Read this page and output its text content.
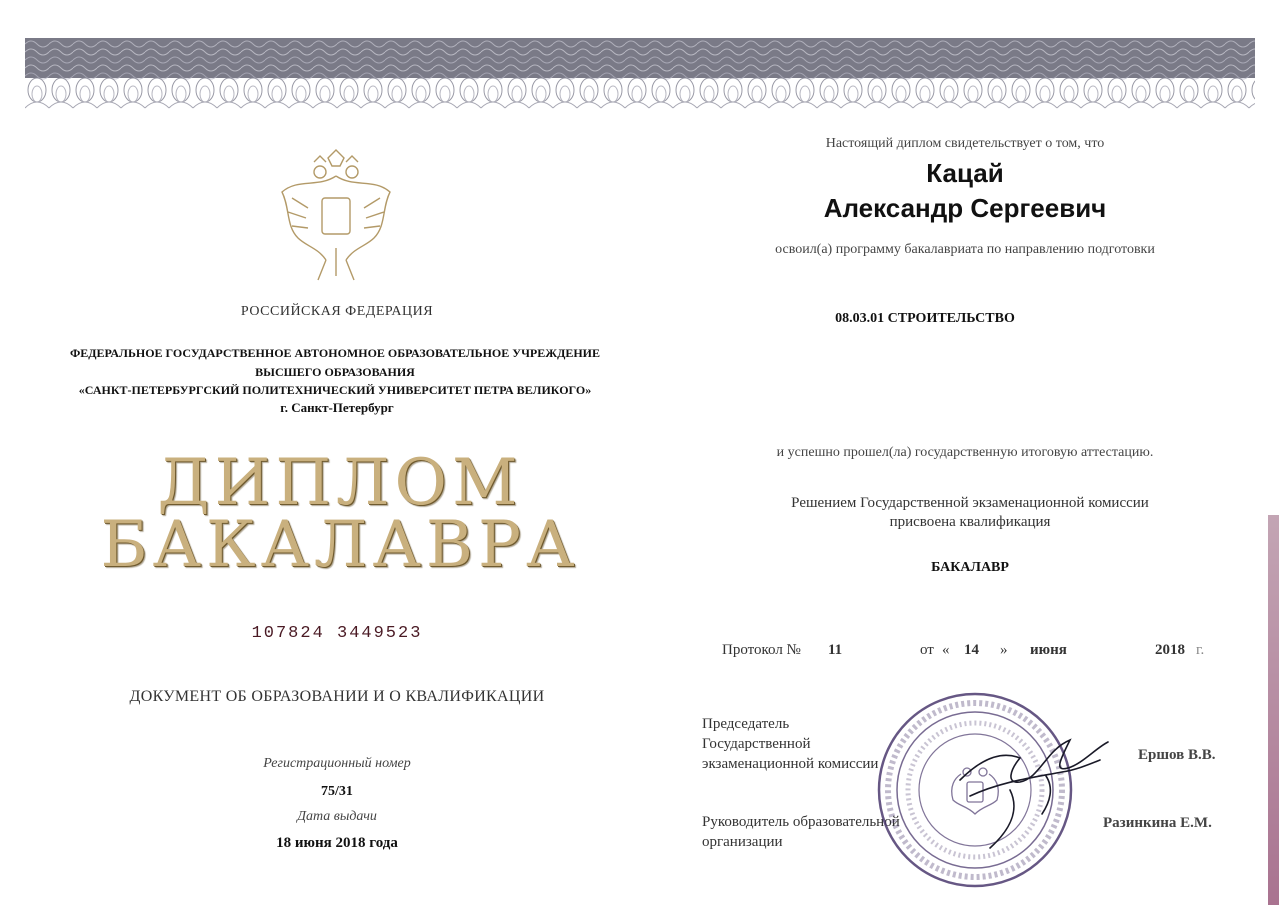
РОССИЙСКАЯ ФЕДЕРАЦИЯ
ФЕДЕРАЛЬНОЕ ГОСУДАРСТВЕННОЕ АВТОНОМНОЕ ОБРАЗОВАТЕЛЬНОЕ УЧРЕЖДЕНИЕ
ВЫСШЕГО ОБРАЗОВАНИЯ
«САНКТ-ПЕТЕРБУРГСКИЙ ПОЛИТЕХНИЧЕСКИЙ УНИВЕРСИТЕТ ПЕТРА ВЕЛИКОГО»
г. Санкт-Петербург
ДИПЛОМ
БАКАЛАВРА
107824 3449523
ДОКУМЕНТ ОБ ОБРАЗОВАНИИ И О КВАЛИФИКАЦИИ
Регистрационный номер
75/31
Дата выдачи
18 июня 2018 года
Настоящий диплом свидетельствует о том, что
Кацай
Александр Сергеевич
освоил(а) программу бакалавриата по направлению подготовки
08.03.01 СТРОИТЕЛЬСТВО
и успешно прошел(ла) государственную итоговую аттестацию.
Решением Государственной экзаменационной комиссии
присвоена квалификация
БАКАЛАВР
Протокол № 11	от « 14 » июня	2018 г.
Председатель
Государственной
экзаменационной комиссии
Ершов В.В.
Руководитель образовательной
организации
Разинкина Е.М.
